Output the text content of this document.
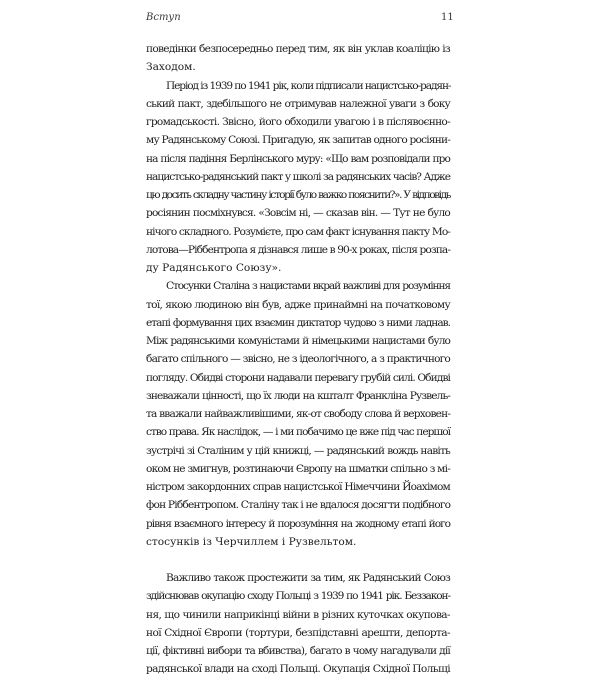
Вступ	11
поведінки безпосередньо перед тим, як він уклав коаліцію із
Заходом.
Період із 1939 по 1941 рік, коли підписали нацистсько-радян-
ський пакт, здебільшого не отримував належної уваги з боку
громадськості. Звісно, його обходили увагою і в післявоєнно-
му Радянському Союзі. Пригадую, як запитав одного росіяни-
на після падіння Берлінського муру: «Що вам розповідали про
нацистсько-радянський пакт у школі за радянських часів? Адже
цю досить складну частину історії було важко пояснити?». У відповідь
росіянин посміхнувся. «Зовсім ні, — сказав він. — Тут не було
нічого складного. Розумієте, про сам факт існування пакту Мо-
лотова—Ріббентропа я дізнався лише в 90-х роках, після розпа-
ду Радянського Союзу».
Стосунки Сталіна з нацистами вкрай важливі для розуміння
тої, якою людиною він був, адже принаймні на початковому
етапі формування цих взаємин диктатор чудово з ними ладнав.
Між радянськими комуністами й німецькими нацистами було
багато спільного — звісно, не з ідеологічного, а з практичного
погляду. Обидві сторони надавали перевагу грубій силі. Обидві
зневажали цінності, що їх люди на кшталт Франкліна Рузвель-
та вважали найважливішими, як-от свободу слова й верховен-
ство права. Як наслідок, — і ми побачимо це вже під час першої
зустрічі зі Сталіним у цій книжці, — радянський вождь навіть
оком не змигнув, розтинаючи Європу на шматки спільно з мі-
ністром закордонних справ нацистської Німеччини Йоахімом
фон Ріббентропом. Сталіну так і не вдалося досягти подібного
рівня взаємного інтересу й порозуміння на жодному етапі його
стосунків із Черчиллем і Рузвельтом.
Важливо також простежити за тим, як Радянський Союз
здійснював окупацію сходу Польщі з 1939 по 1941 рік. Беззакон-
ня, що чинили наприкінці війни в різних куточках окупова-
ної Східної Європи (тортури, безпідставні арешти, депорта-
ції, фіктивні вибори та вбивства), багато в чому нагадували дії
радянської влади на сході Польщі. Окупація Східної Польщі
